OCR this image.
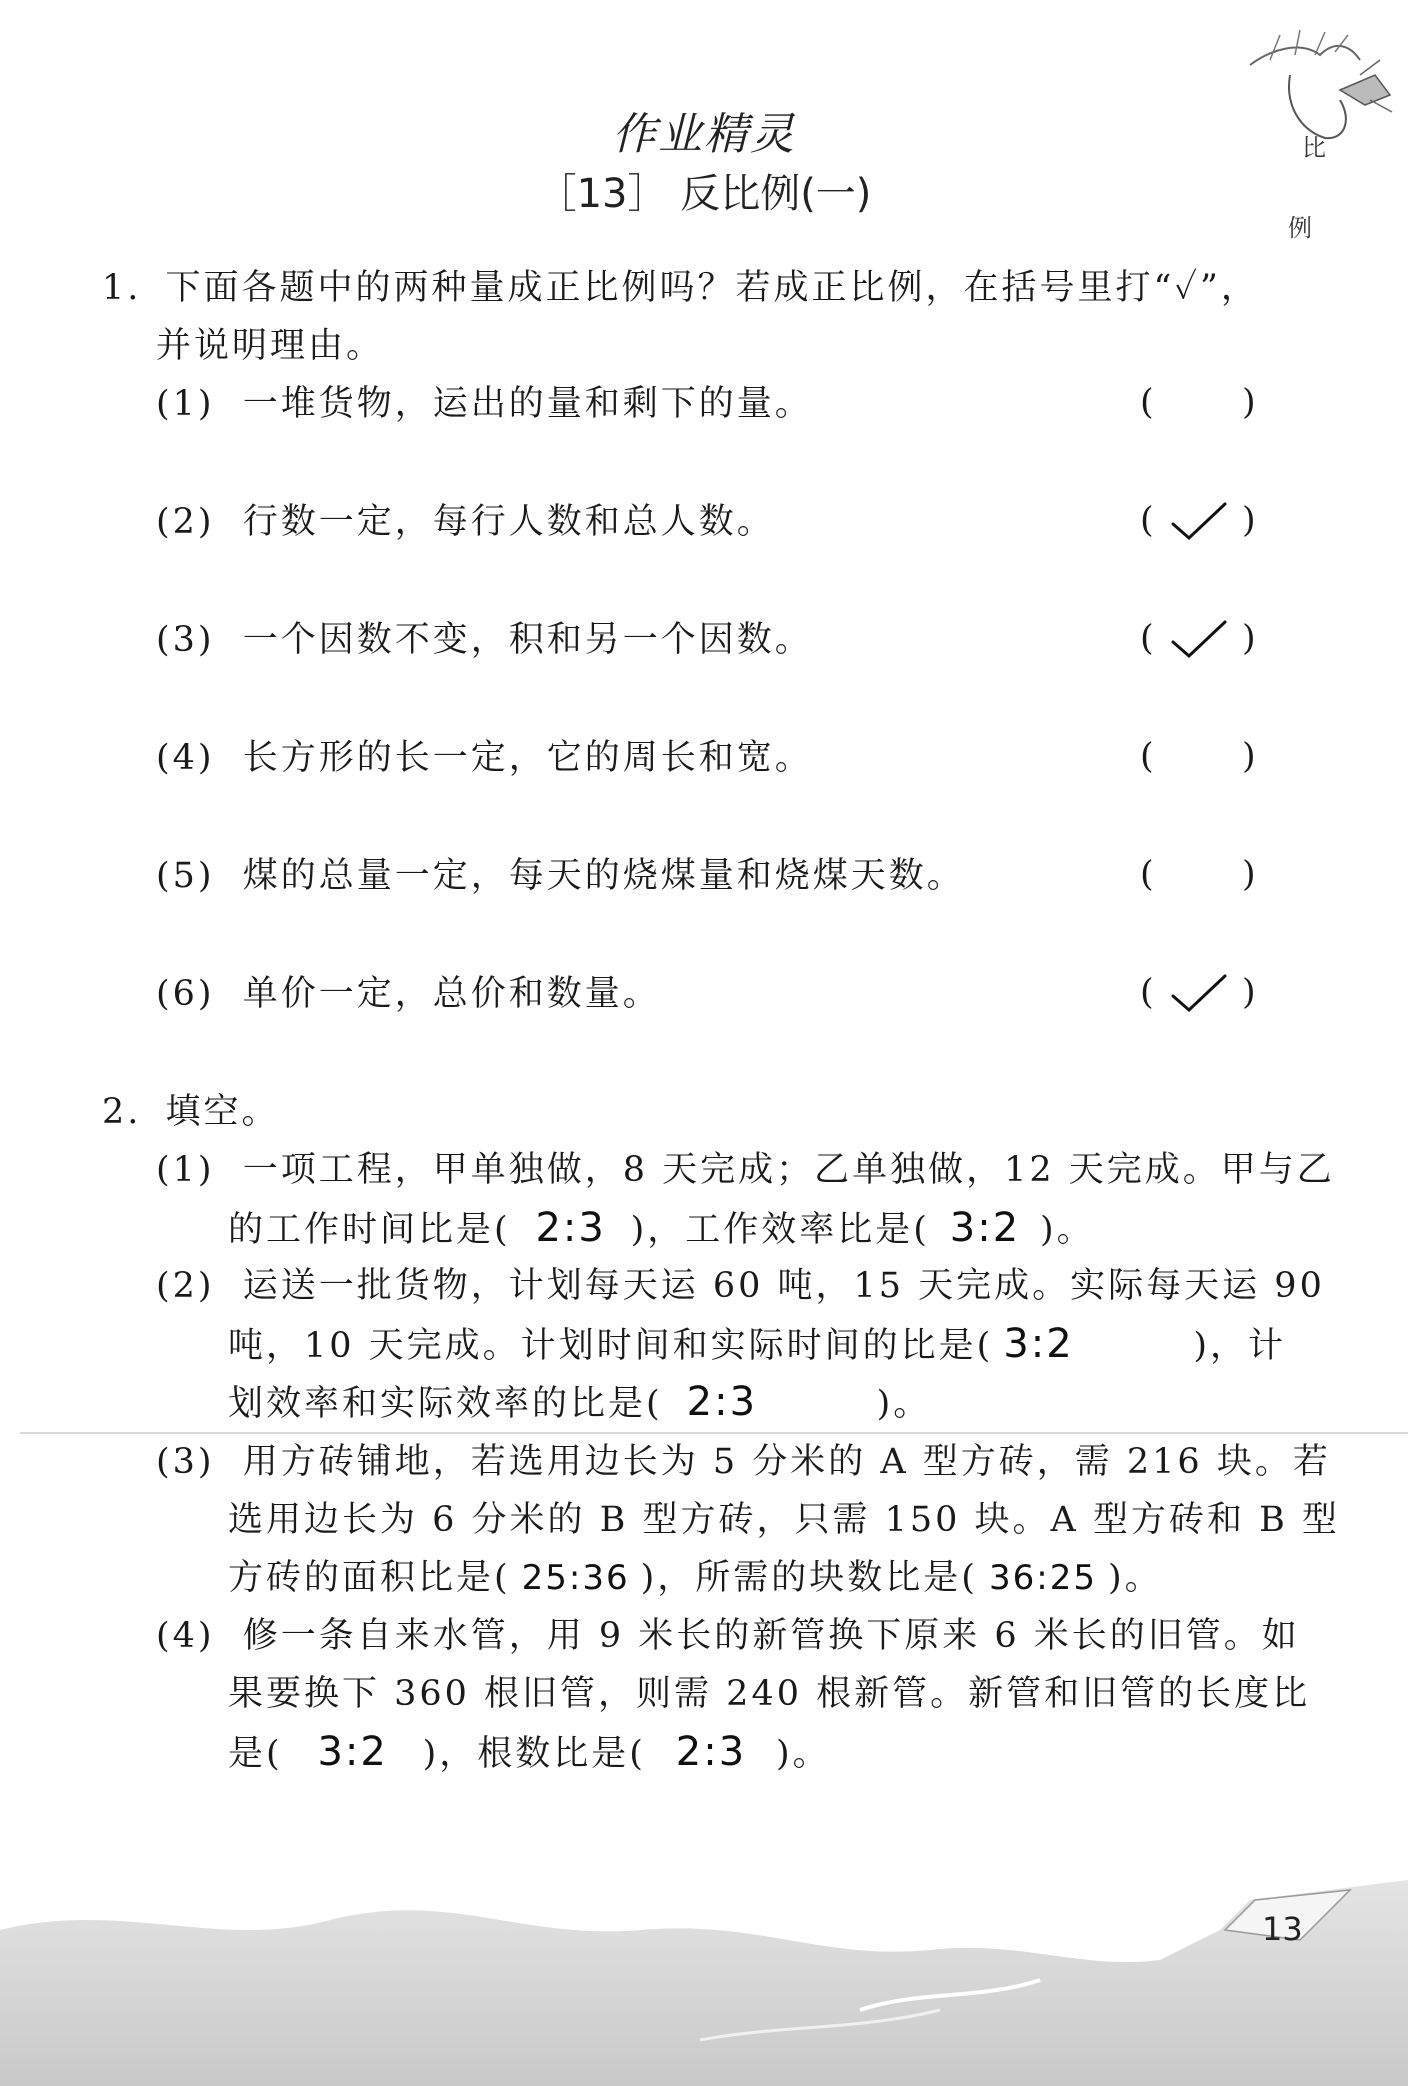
比
例
作业精灵
［13］ 反比例(一)
1. 下面各题中的两种量成正比例吗？若成正比例，在括号里打“✓”，
并说明理由。
(1) 一堆货物，运出的量和剩下的量。	(	)
(2) 行数一定，每行人数和总人数。	(	)
(3) 一个因数不变，积和另一个因数。	(	)
(4) 长方形的长一定，它的周长和宽。	(	)
(5) 煤的总量一定，每天的烧煤量和烧煤天数。	(	)
(6) 单价一定，总价和数量。	(	)
2. 填空。
(1) 一项工程，甲单独做，8 天完成；乙单独做，12 天完成。甲与乙
的工作时间比是( 2:3 )，工作效率比是( 3:2 )。
(2) 运送一批货物，计划每天运 60 吨，15 天完成。实际每天运 90
吨，10 天完成。计划时间和实际时间的比是( 3:2	)，计
划效率和实际效率的比是( 2:3	)。
(3) 用方砖铺地，若选用边长为 5 分米的 A 型方砖，需 216 块。若
选用边长为 6 分米的 B 型方砖，只需 150 块。A 型方砖和 B 型
方砖的面积比是( 25:36 )，所需的块数比是( 36:25 )。
(4) 修一条自来水管，用 9 米长的新管换下原来 6 米长的旧管。如
果要换下 360 根旧管，则需 240 根新管。新管和旧管的长度比
是( 3:2 )，根数比是( 2:3 )。
13
